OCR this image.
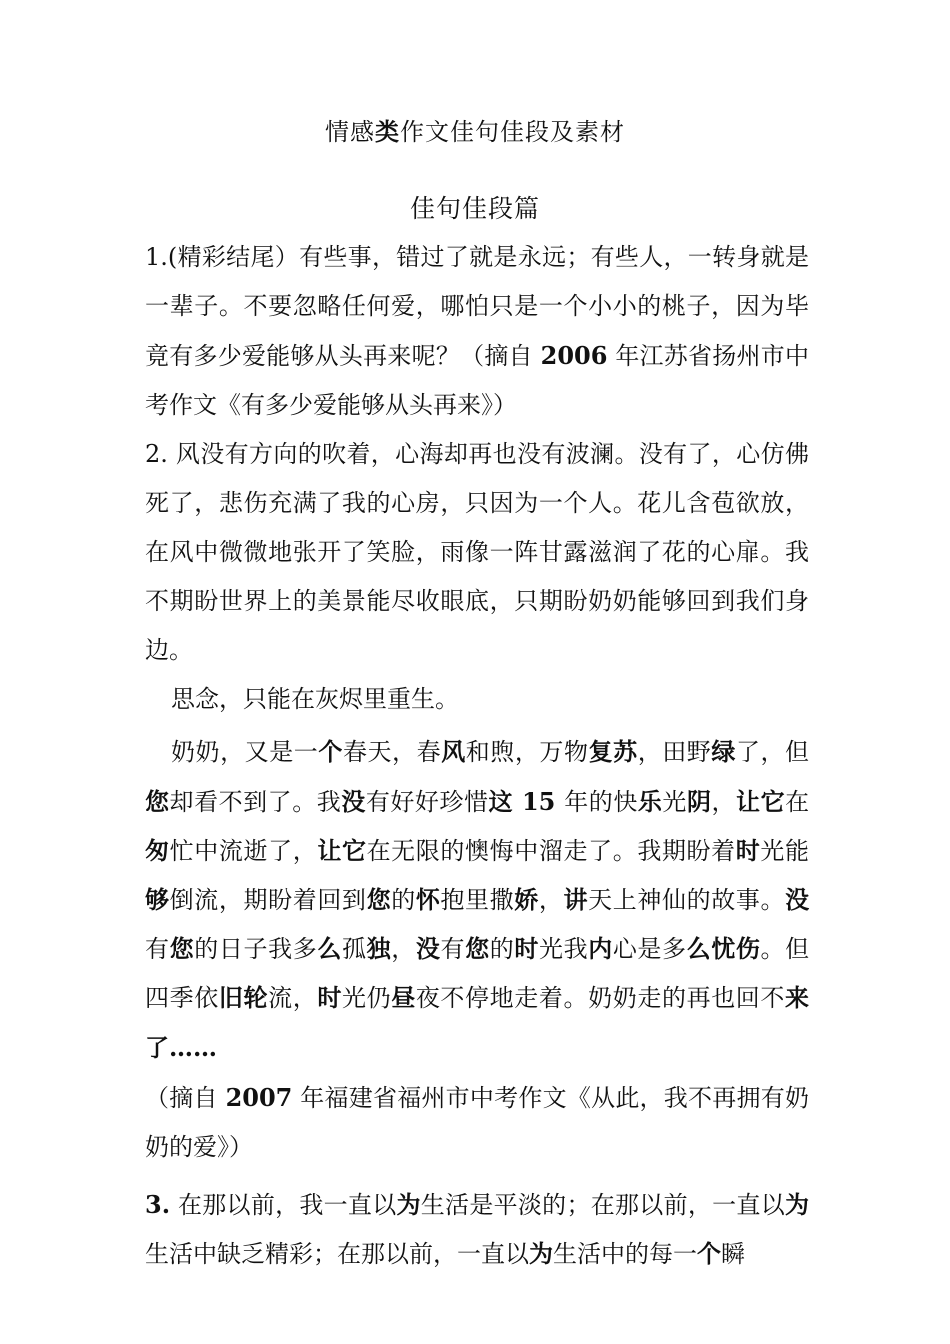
情感类作文佳句佳段及素材
佳句佳段篇

1.(精彩结尾）有些事，错过了就是永远；有些人，一转身就是一辈子。不要忽略任何爱，哪怕只是一个小小的桃子，因为毕竟有多少爱能够从头再来呢？（摘自 2006 年江苏省扬州市中考作文《有多少爱能够从头再来》）

2. 风没有方向的吹着，心海却再也没有波澜。没有了，心仿佛死了，悲伤充满了我的心房，只因为一个人。花儿含苞欲放，在风中微微地张开了笑脸，雨像一阵甘露滋润了花的心扉。我不期盼世界上的美景能尽收眼底，只期盼奶奶能够回到我们身边。

思念，只能在灰烬里重生。

奶奶，又是一个春天，春风和煦，万物复苏，田野绿了，但您却看不到了。我没有好好珍惜这 15 年的快乐光阴，让它在匆忙中流逝了，让它在无限的懊悔中溜走了。我期盼着时光能够倒流，期盼着回到您的怀抱里撒娇，讲天上神仙的故事。没有您的日子我多么孤独，没有您的时光我内心是多么忧伤。但四季依旧轮流，时光仍昼夜不停地走着。奶奶走的再也回不来了……

（摘自 2007 年福建省福州市中考作文《从此，我不再拥有奶奶的爱》）

3. 在那以前，我一直以为生活是平淡的；在那以前，一直以为生活中缺乏精彩；在那以前，一直以为生活中的每一个瞬
